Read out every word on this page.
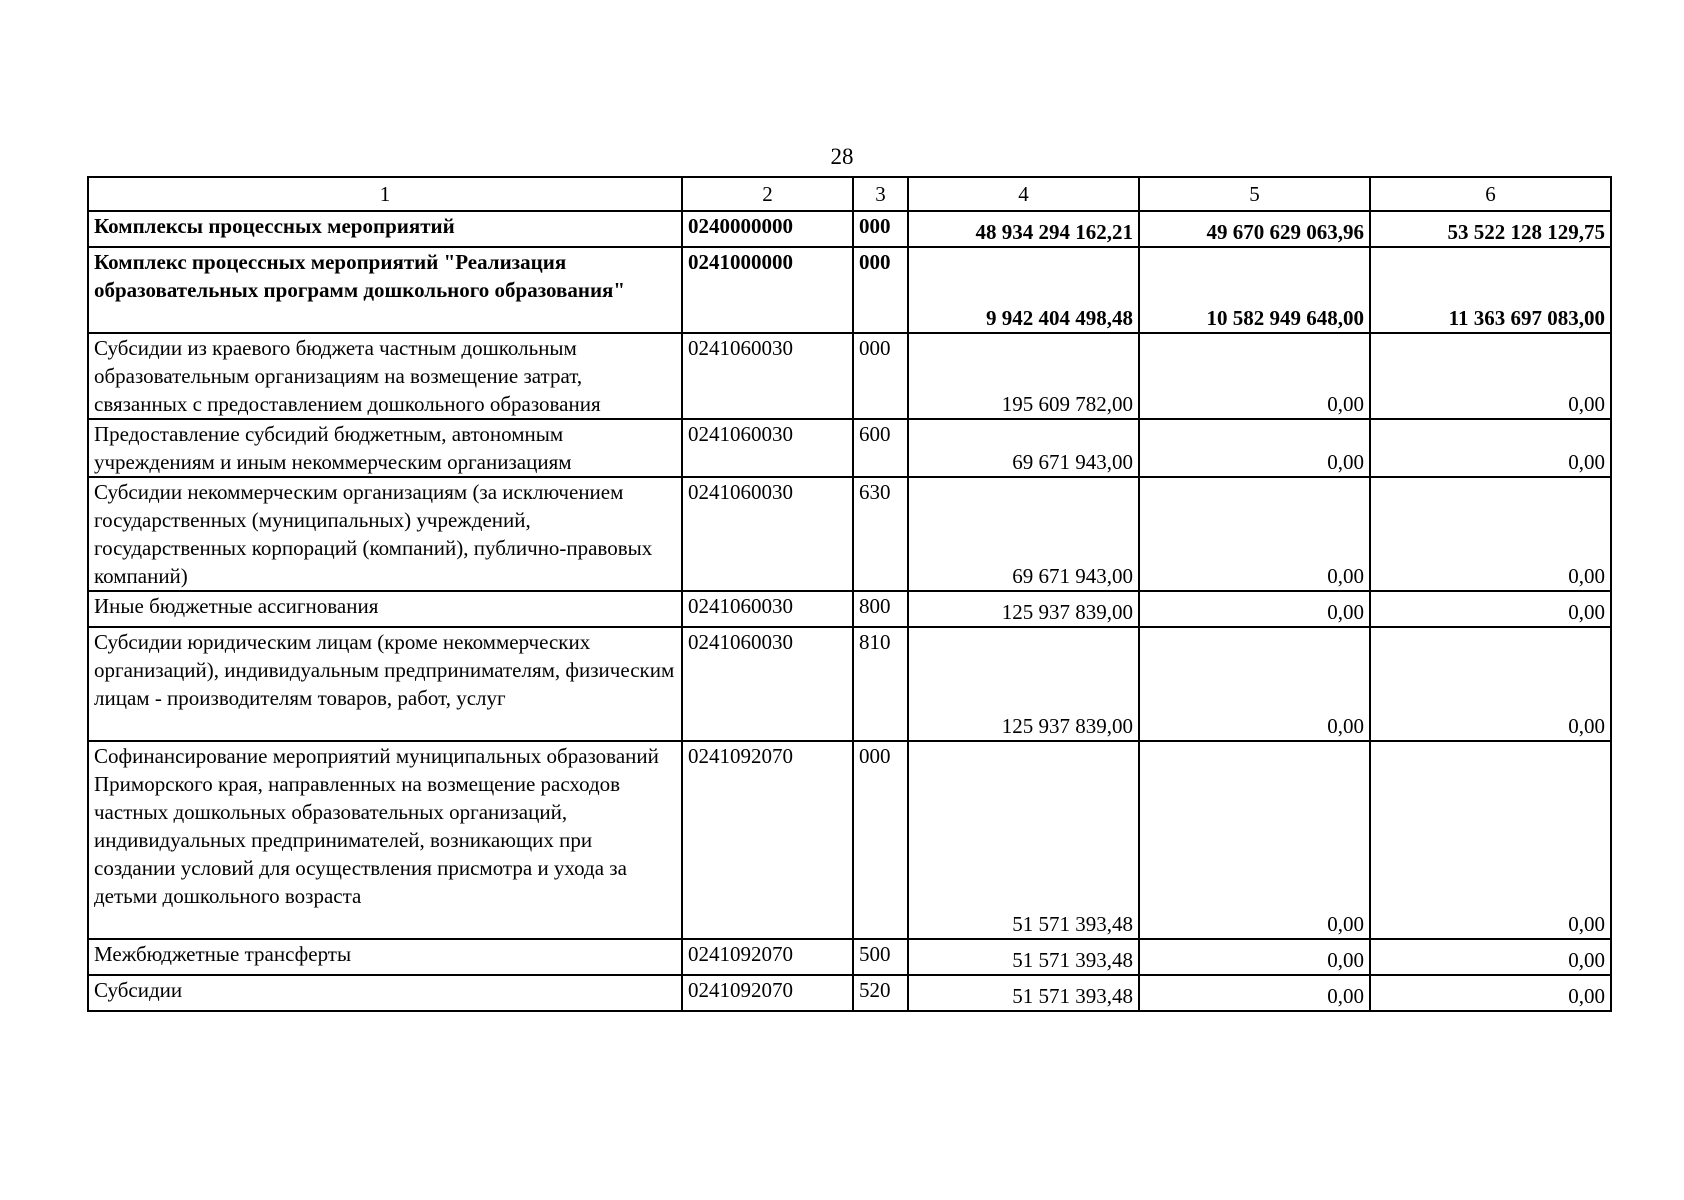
28
1	2	3	4	5	6
Комплексы процессных мероприятий	0240000000	000	48 934 294 162,21	49 670 629 063,96	53 522 128 129,75
Комплекс процессных мероприятий "Реализация образовательных программ дошкольного образования"	0241000000	000	9 942 404 498,48	10 582 949 648,00	11 363 697 083,00
Субсидии из краевого бюджета частным дошкольным образовательным организациям на возмещение затрат, связанных с предоставлением дошкольного образования	0241060030	000	195 609 782,00	0,00	0,00
Предоставление субсидий бюджетным, автономным учреждениям и иным некоммерческим организациям	0241060030	600	69 671 943,00	0,00	0,00
Субсидии некоммерческим организациям (за исключением государственных (муниципальных) учреждений, государственных корпораций (компаний), публично-правовых компаний)	0241060030	630	69 671 943,00	0,00	0,00
Иные бюджетные ассигнования	0241060030	800	125 937 839,00	0,00	0,00
Субсидии юридическим лицам (кроме некоммерческих организаций), индивидуальным предпринимателям, физическим лицам - производителям товаров, работ, услуг	0241060030	810	125 937 839,00	0,00	0,00
Софинансирование мероприятий муниципальных образований Приморского края, направленных на возмещение расходов частных дошкольных образовательных организаций, индивидуальных предпринимателей, возникающих при создании условий для осуществления присмотра и ухода за детьми дошкольного возраста	0241092070	000	51 571 393,48	0,00	0,00
Межбюджетные трансферты	0241092070	500	51 571 393,48	0,00	0,00
Субсидии	0241092070	520	51 571 393,48	0,00	0,00
